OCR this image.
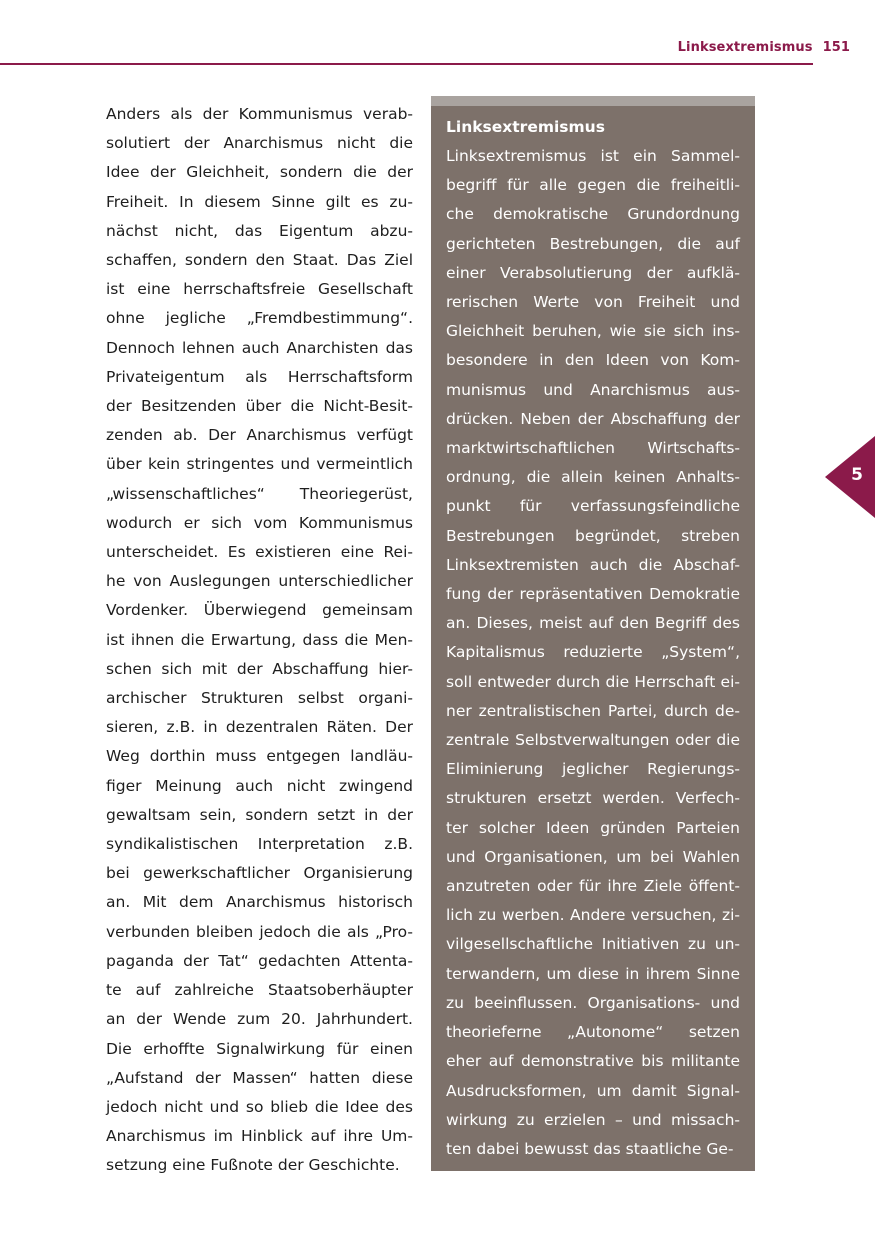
Linksextremismus 151
Anders als der Kommunismus verab-
solutiert der Anarchismus nicht die
Idee der Gleichheit, sondern die der
Freiheit. In diesem Sinne gilt es zu-
nächst nicht, das Eigentum abzu-
schaffen, sondern den Staat. Das Ziel
ist eine herrschaftsfreie Gesellschaft
ohne jegliche „Fremdbestimmung“.
Dennoch lehnen auch Anarchisten das
Privateigentum als Herrschaftsform
der Besitzenden über die Nicht-Besit-
zenden ab. Der Anarchismus verfügt
über kein stringentes und vermeintlich
„wissenschaftliches“ Theoriegerüst,
wodurch er sich vom Kommunismus
unterscheidet. Es existieren eine Rei-
he von Auslegungen unterschiedlicher
Vordenker. Überwiegend gemeinsam
ist ihnen die Erwartung, dass die Men-
schen sich mit der Abschaffung hier-
archischer Strukturen selbst organi-
sieren, z.B. in dezentralen Räten. Der
Weg dorthin muss entgegen landläu-
figer Meinung auch nicht zwingend
gewaltsam sein, sondern setzt in der
syndikalistischen Interpretation z.B.
bei gewerkschaftlicher Organisierung
an. Mit dem Anarchismus historisch
verbunden bleiben jedoch die als „Pro-
paganda der Tat“ gedachten Attenta-
te auf zahlreiche Staatsoberhäupter
an der Wende zum 20. Jahrhundert.
Die erhoffte Signalwirkung für einen
„Aufstand der Massen“ hatten diese
jedoch nicht und so blieb die Idee des
Anarchismus im Hinblick auf ihre Um-
setzung eine Fußnote der Geschichte.
Linksextremismus
Linksextremismus ist ein Sammel-
begriff für alle gegen die freiheitli-
che demokratische Grundordnung
gerichteten Bestrebungen, die auf
einer Verabsolutierung der aufklä-
rerischen Werte von Freiheit und
Gleichheit beruhen, wie sie sich ins-
besondere in den Ideen von Kom-
munismus und Anarchismus aus-
drücken. Neben der Abschaffung der
marktwirtschaftlichen Wirtschafts-
ordnung, die allein keinen Anhalts-
punkt für verfassungsfeindliche
Bestrebungen begründet, streben
Linksextremisten auch die Abschaf-
fung der repräsentativen Demokratie
an. Dieses, meist auf den Begriff des
Kapitalismus reduzierte „System“,
soll entweder durch die Herrschaft ei-
ner zentralistischen Partei, durch de-
zentrale Selbstverwaltungen oder die
Eliminierung jeglicher Regierungs-
strukturen ersetzt werden. Verfech-
ter solcher Ideen gründen Parteien
und Organisationen, um bei Wahlen
anzutreten oder für ihre Ziele öffent-
lich zu werben. Andere versuchen, zi-
vilgesellschaftliche Initiativen zu un-
terwandern, um diese in ihrem Sinne
zu beeinflussen. Organisations- und
theorieferne „Autonome“ setzen
eher auf demonstrative bis militante
Ausdrucksformen, um damit Signal-
wirkung zu erzielen – und missach-
ten dabei bewusst das staatliche Ge-
5
